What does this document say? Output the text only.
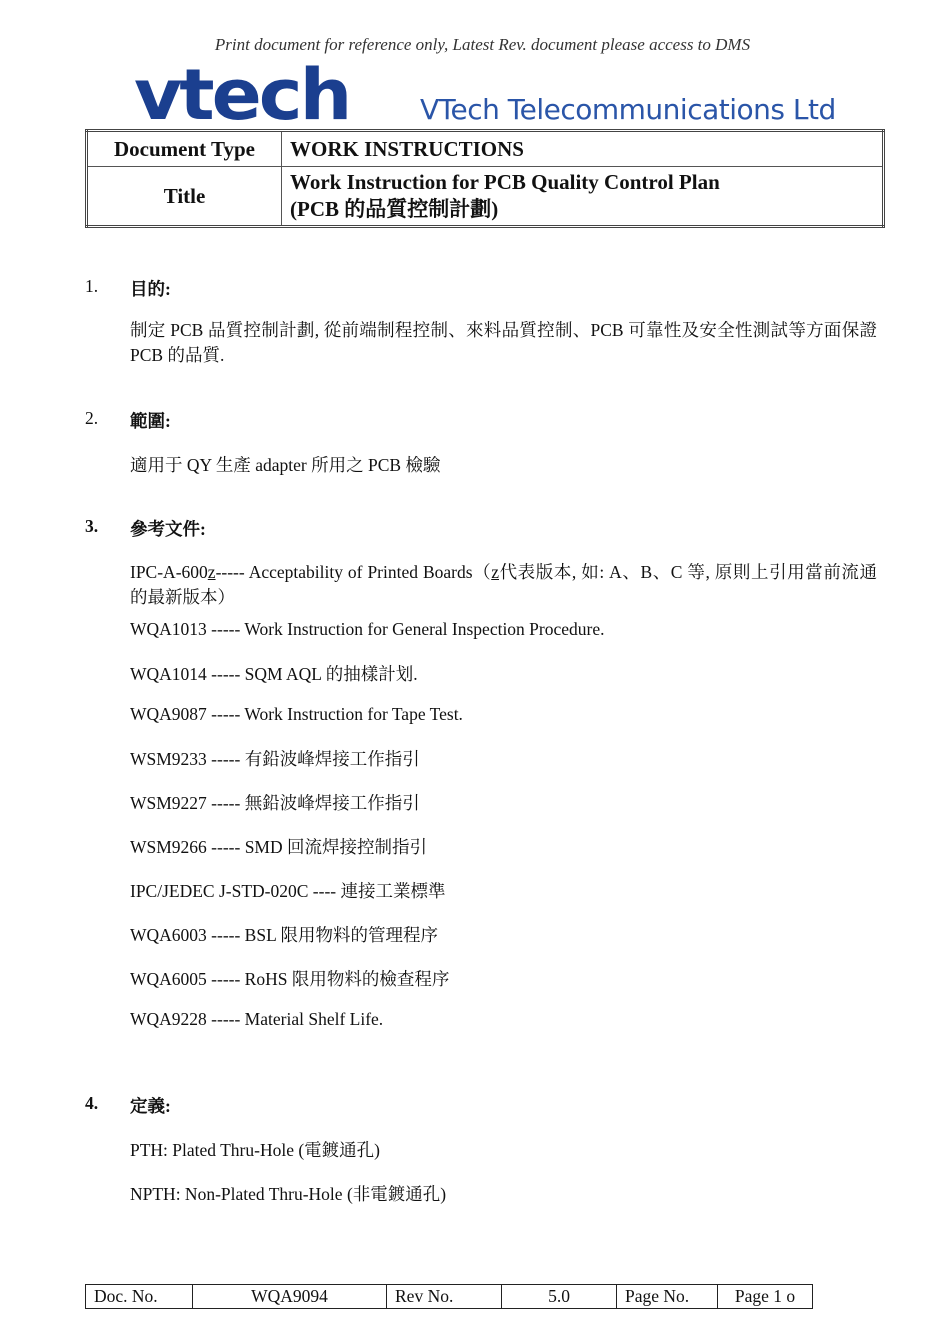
Print document for reference only, Latest Rev. document please access to DMS
vtech	VTech Telecommunications Ltd
Document Type	WORK INSTRUCTIONS
Title	Work Instruction for PCB Quality Control Plan
(PCB 的品質控制計劃)
1. 目的:
制定 PCB 品質控制計劃, 從前端制程控制、來料品質控制、PCB 可靠性及安全性測試等方面保證 PCB 的品質.
2. 範圍:
適用于 QY 生產 adapter 所用之 PCB 檢驗
3. 參考文件:
IPC-A-600z----- Acceptability of Printed Boards（z代表版本, 如: A、B、C 等, 原則上引用當前流通的最新版本）
WQA1013 ----- Work Instruction for General Inspection Procedure.
WQA1014 ----- SQM AQL 的抽樣計划.
WQA9087 ----- Work Instruction for Tape Test.
WSM9233 ----- 有鉛波峰焊接工作指引
WSM9227 ----- 無鉛波峰焊接工作指引
WSM9266 ----- SMD 回流焊接控制指引
IPC/JEDEC J-STD-020C ---- 連接工業標準
WQA6003 ----- BSL 限用物料的管理程序
WQA6005 ----- RoHS 限用物料的檢查程序
WQA9228 ----- Material Shelf Life.
4. 定義:
PTH: Plated Thru-Hole (電鍍通孔)
NPTH: Non-Plated Thru-Hole (非電鍍通孔)
Doc. No.	WQA9094	Rev No.	5.0	Page No.	Page 1 o
